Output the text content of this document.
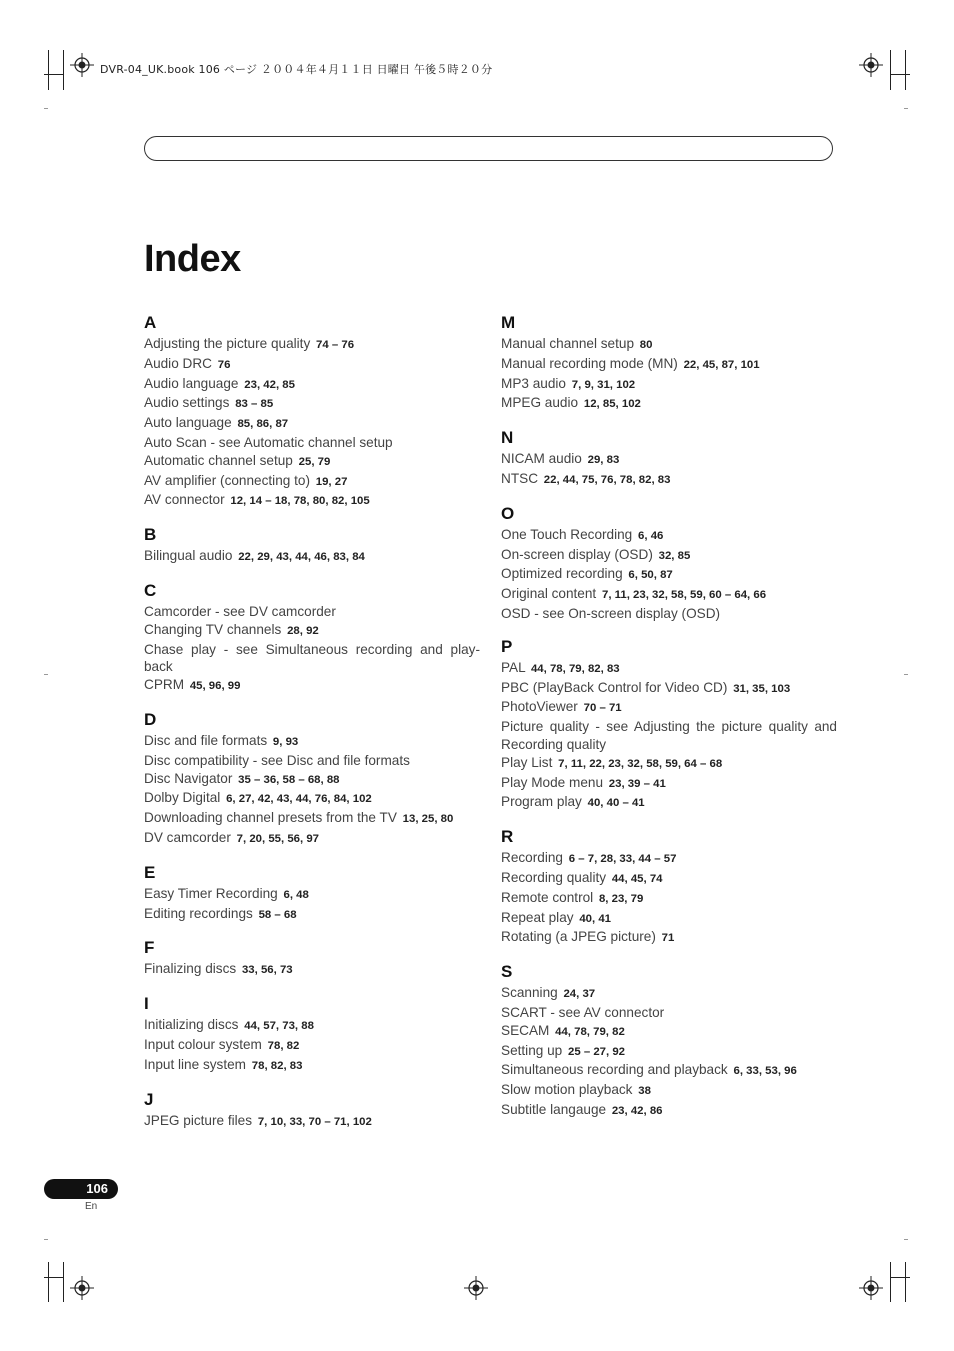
DVR-04_UK.book 106 ページ ２００４年４月１１日 日曜日 午後５時２０分
Index
A
Adjusting the picture quality 74 – 76
Audio DRC 76
Audio language 23, 42, 85
Audio settings 83 – 85
Auto language 85, 86, 87
Auto Scan - see Automatic channel setup
Automatic channel setup 25, 79
AV amplifier (connecting to) 19, 27
AV connector 12, 14 – 18, 78, 80, 82, 105
B
Bilingual audio 22, 29, 43, 44, 46, 83, 84
C
Camcorder - see DV camcorder
Changing TV channels 28, 92
Chase play - see Simultaneous recording and play-back
CPRM 45, 96, 99
D
Disc and file formats 9, 93
Disc compatibility - see Disc and file formats
Disc Navigator 35 – 36, 58 – 68, 88
Dolby Digital 6, 27, 42, 43, 44, 76, 84, 102
Downloading channel presets from the TV 13, 25, 80
DV camcorder 7, 20, 55, 56, 97
E
Easy Timer Recording 6, 48
Editing recordings 58 – 68
F
Finalizing discs 33, 56, 73
I
Initializing discs 44, 57, 73, 88
Input colour system 78, 82
Input line system 78, 82, 83
J
JPEG picture files 7, 10, 33, 70 – 71, 102
M
Manual channel setup 80
Manual recording mode (MN) 22, 45, 87, 101
MP3 audio 7, 9, 31, 102
MPEG audio 12, 85, 102
N
NICAM audio 29, 83
NTSC 22, 44, 75, 76, 78, 82, 83
O
One Touch Recording 6, 46
On-screen display (OSD) 32, 85
Optimized recording 6, 50, 87
Original content 7, 11, 23, 32, 58, 59, 60 – 64, 66
OSD - see On-screen display (OSD)
P
PAL 44, 78, 79, 82, 83
PBC (PlayBack Control for Video CD) 31, 35, 103
PhotoViewer 70 – 71
Picture quality - see Adjusting the picture quality and Recording quality
Play List 7, 11, 22, 23, 32, 58, 59, 64 – 68
Play Mode menu 23, 39 – 41
Program play 40, 40 – 41
R
Recording 6 – 7, 28, 33, 44 – 57
Recording quality 44, 45, 74
Remote control 8, 23, 79
Repeat play 40, 41
Rotating (a JPEG picture) 71
S
Scanning 24, 37
SCART - see AV connector
SECAM 44, 78, 79, 82
Setting up 25 – 27, 92
Simultaneous recording and playback 6, 33, 53, 96
Slow motion playback 38
Subtitle langauge 23, 42, 86
106
En
